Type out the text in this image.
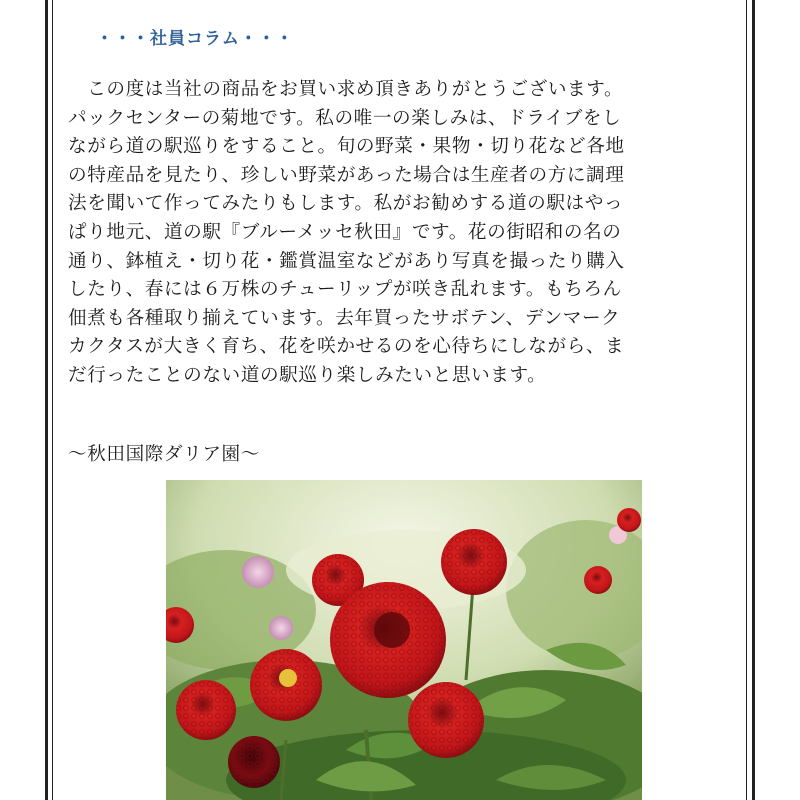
・・・社員コラム・・・
　この度は当社の商品をお買い求め頂きありがとうございます。
パックセンターの菊地です。私の唯一の楽しみは、ドライブをし
ながら道の駅巡りをすること。旬の野菜・果物・切り花など各地
の特産品を見たり、珍しい野菜があった場合は生産者の方に調理
法を聞いて作ってみたりもします。私がお勧めする道の駅はやっ
ぱり地元、道の駅『ブルーメッセ秋田』です。花の街昭和の名の
通り、鉢植え・切り花・鑑賞温室などがあり写真を撮ったり購入
したり、春には６万株のチューリップが咲き乱れます。もちろん
佃煮も各種取り揃えています。去年買ったサボテン、デンマーク
カクタスが大きく育ち、花を咲かせるのを心待ちにしながら、ま
だ行ったことのない道の駅巡り楽しみたいと思います。
～秋田国際ダリア園～
